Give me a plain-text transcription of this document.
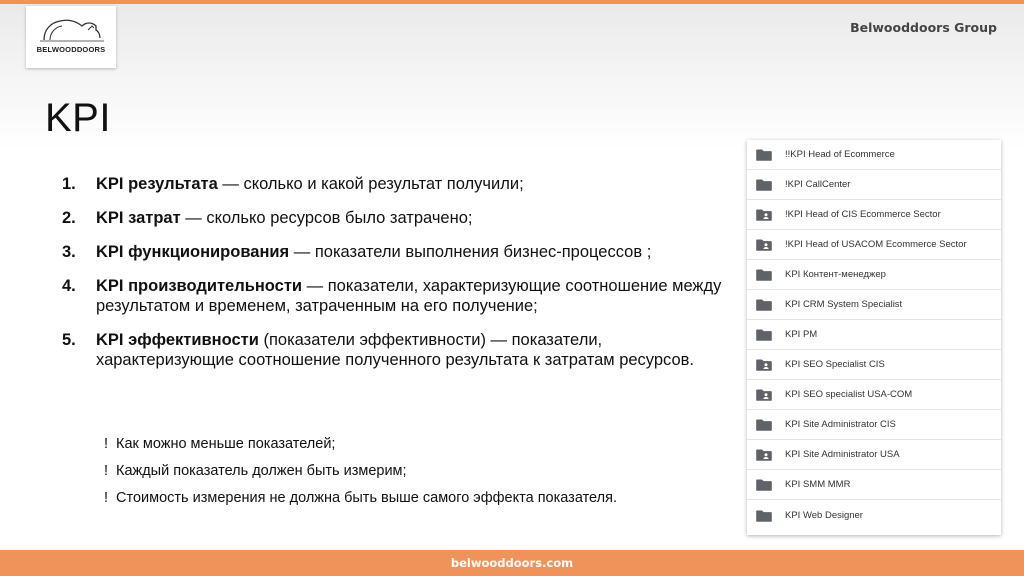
BELWOODDOORS
Belwooddoors Group
KPI
1. KPI результата — сколько и какой результат получили;
2. KPI затрат — сколько ресурсов было затрачено;
3. KPI функционирования — показатели выполнения бизнес-процессов ;
4. KPI производительности — показатели, характеризующие соотношение между результатом и временем, затраченным на его получение;
5. KPI эффективности (показатели эффективности) — показатели, характеризующие соотношение полученного результата к затратам ресурсов.
! Как можно меньше показателей;
! Каждый показатель должен быть измерим;
! Стоимость измерения не должна быть выше самого эффекта показателя.
!!KPI Head of Ecommerce
!KPI CallCenter
!KPI Head of CIS Ecommerce Sector
!KPI Head of USACOM Ecommerce Sector
KPI Контент-менеджер
KPI CRM System Specialist
KPI PM
KPI SEO Specialist CIS
KPI SEO specialist USA-COM
KPI Site Administrator CIS
KPI Site Administrator USA
KPI SMM MMR
KPI Web Designer
belwooddoors.com
